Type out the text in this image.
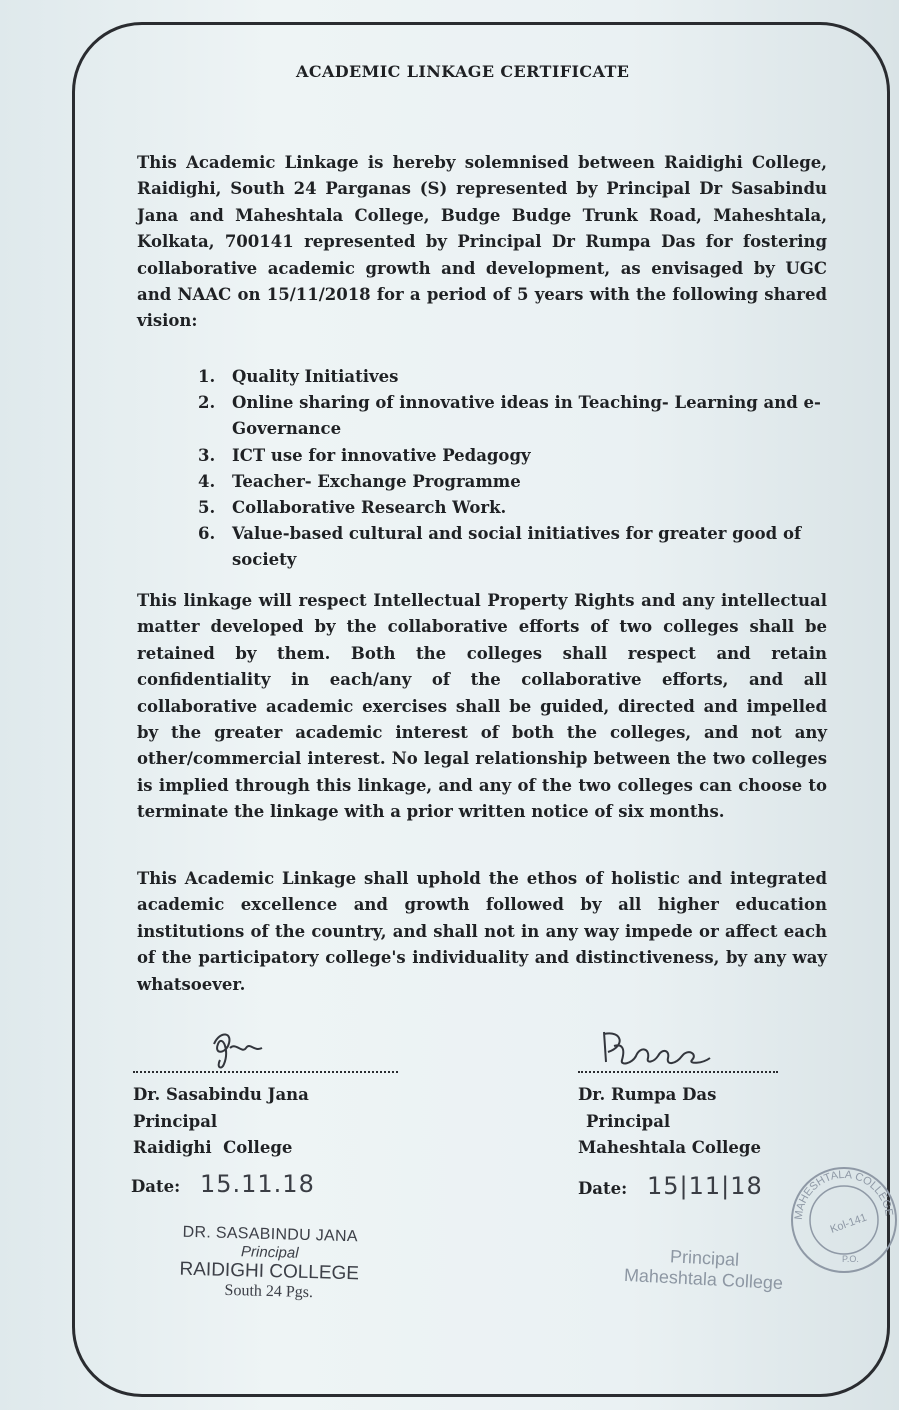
ACADEMIC LINKAGE CERTIFICATE
This Academic Linkage is hereby solemnised between Raidighi College, Raidighi, South 24 Parganas (S) represented by Principal Dr Sasabindu Jana and Maheshtala College, Budge Budge Trunk Road, Maheshtala, Kolkata, 700141 represented by Principal Dr Rumpa Das for fostering collaborative academic growth and development, as envisaged by UGC and NAAC on 15/11/2018 for a period of 5 years with the following shared vision:
1.	Quality Initiatives
2.	Online sharing of innovative ideas in Teaching- Learning and e-Governance
3.	ICT use for innovative Pedagogy
4.	Teacher- Exchange Programme
5.	Collaborative Research Work.
6.	Value-based cultural and social initiatives for greater good of society
This linkage will respect Intellectual Property Rights and any intellectual matter developed by the collaborative efforts of two colleges shall be retained by them. Both the colleges shall respect and retain confidentiality in each/any of the collaborative efforts, and all collaborative academic exercises shall be guided, directed and impelled by the greater academic interest of both the colleges, and not any other/commercial interest. No legal relationship between the two colleges is implied through this linkage, and any of the two colleges can choose to terminate the linkage with a prior written notice of six months.
This Academic Linkage shall uphold the ethos of holistic and integrated academic excellence and growth followed by all higher education institutions of the country, and shall not in any way impede or affect each of the participatory college's individuality and distinctiveness, by any way whatsoever.
Dr. Sasabindu Jana
Principal
Raidighi  College
Date: 15.11.18
Dr. Rumpa Das
Principal
Maheshtala College
Date: 15|11|18
DR. SASABINDU JANA
Principal
RAIDIGHI COLLEGE
South 24 Pgs.
Principal
Maheshtala College
MAHESHTALA COLLEGE
Kol-141
P.O.
